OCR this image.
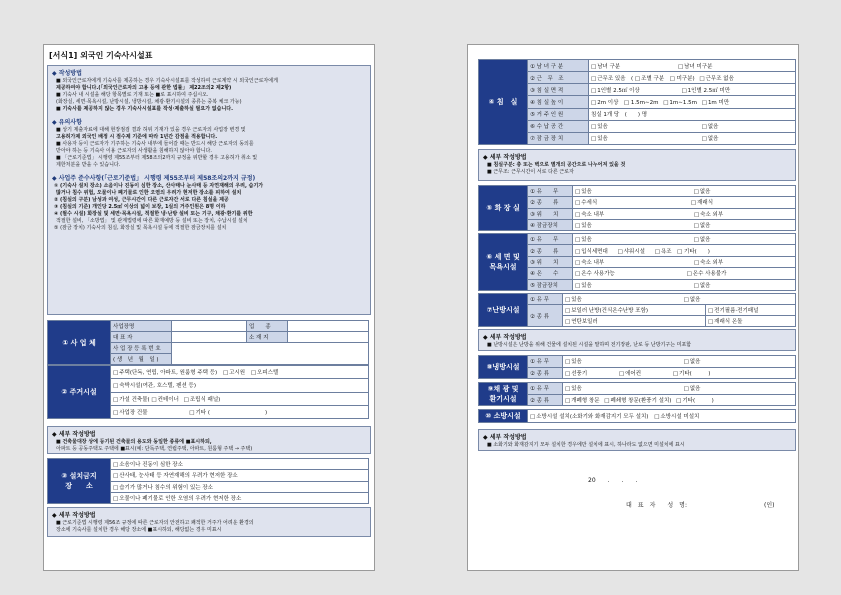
[서식1] 외국인 기숙사시설표
◆ 작성방법
■ 외국인근로자에게 기숙사를 제공하는 경우 기숙사시설표를 작성하여 근로계약 시 외국인근로자에게
제공하여야 합니다.(「외국인근로자의 고용 등에 관한 법률」 제22조의2 제2항)
■ 기숙사 내 시설을 해당 항목별로 기재 또는 ■로 표시하여 주십시오.
(화장실, 세면·목욕시설, 난방시설, 냉방시설, 채광·환기시설의 종류는 중복 체크 가능)
■ 기숙사를 제공하지 않는 경우 기숙사시설표를 작성·제출하실 필요가 없습니다.
◆ 유의사항
■ 상기 제출자료에 대해 현장점검 결과 허위 기재가 있을 경우 근로자의 사업장 변경 및
고용허가제 외국인 배정 시 점수제 기준에 따라 1년간 감점을 적용합니다.
■ 사용자 등이 근로자가 기주하는 기숙사 내부에 들어갈 때는 반드시 해당 근로자의 동의를
받아야 하는 등 기숙사 이용 근로자의 사생활을 침해하지 않아야 합니다.
■ 「근로기준법」 시행령 제55조부터 제58조의2까지 규정을 위반할 경우 고용허가 취소 및
제한처분을 받을 수 있습니다.
◆ 사업주 준수사항(「근로기준법」 시행령 제55조부터 제58조의2까지 규정)
① (기숙사 설치 장소) 소음이나 진동이 심한 장소, 산사태나 눈사태 등 자연재해의 우려, 습기가
많거나 침수 위험, 오물이나 폐기물로 인한 오염의 우려가 현저한 장소를 피하여 설치
② (침실의 구분) 남성과 여성, 근무시간이 다른 근로자간 서로 다른 침실을 제공
③ (침실의 기준) 개인당 2.5㎡ 이상의 넓이 보장, 1실의 거주인원은 8명 이하
④ (필수 시설) 화장실 및 세면·목욕시설, 적절한 냉·난방 설비 또는 기구, 채광·환기를 위한
적절한 설비, 「소방법」 및 관계법령에 따른 화재예방 등 설비 또는 장치, 수납시설 설치
⑤ (잠금 장치) 기숙사의 침실, 화장실 및 목욕시설 등에 적절한 잠금장치를 설치
① 사 업 체	사업장명		업　　종	
	대 표 자		소 재 지	
	사 업 장 등 록 번 호			
	( 생　년　월　일 )			
② 주거시설	□ 주택(단독, 연립, 아파트, 원룸형 주택 등) □ 고시원 □ 오피스텔
□ 숙박시설(여관, 호스텔, 펜션 등)
□ 가설 건축물( □ 컨테이너 □ 조립식 패널)
□ 사업장 건물	□ 기타 (　　　　　　　　　　)
◆ 세부 작성방법
■ 건축물대장 상에 등기된 건축물의 용도와 동일한 종류에 ■표시하되,
아파트 등 공동주택도 주택에 ■표시(예: 단독주택, 연립주택, 아파트, 원룸형 주택 → 주택)
③ 설치금지
장　　소
	□ 소음이나 진동이 심한 장소
□ 산사태, 눈사태 등 자연재해의 우려가 현저한 장소
□ 습기가 많거나 침수의 위험이 있는 장소
□ 오물이나 폐기물로 인한 오염의 우려가 현저한 장소
◆ 세부 작성방법
■ 근로기준법 시행령 제56조 규정에 따른 근로자의 안전하고 쾌적한 거주가 어려운 환경의
장소에 기숙사를 설치한 경우 해당 장소에 ■표시하되, 해당없는 경우 미표시
④ 침　실	① 남 녀 구 분	□ 남녀 구분 □ 남녀 미구분
	② 근　무　조	□ 근무조 있음　( □ 조별 구분　□ 미구분) □ 근무조 없음
	③ 침 실 면 적	□ 1인별 2.5㎡ 이상 □ 1인별 2.5㎡ 미만
	④ 침 실 높 이	□ 2m 이상　□ 1.5m∼2m □ 1m∼1.5m □ 1m 미만
	⑤ 거 주 인 원	침실 1개 당　(　　) 명
	⑥ 수 납 공 간	□ 있음 □ 없음
	⑦ 잠 금 장 치	□ 있음 □ 없음
◆ 세부 작성방법
■ 침실구분: 층 또는 벽으로 별개의 공간으로 나누어져 있을 것
■ 근무조: 근무시간이 서로 다른 근로자
⑤ 화 장 실	① 유　　무	□ 있음 □ 없음
	② 종　　류	□ 수세식 □ 재래식
	③ 위　　치	□ 숙소 내부 □ 숙소 외부
	④ 잠금장치	□ 있음 □ 없음
⑥ 세 면 및
목욕시설	① 유　　무	□ 있음 □ 없음
	② 종　　류	□ 입식세면대 □ 샤워시설 □ 욕조　□ 기타(　　)
	③ 위　　치	□ 숙소 내부 □ 숙소 외부
	④ 온　　수	□ 온수 사용가능 □ 온수 사용불가
	⑤ 잠금장치	□ 있음 □ 없음
⑦난방시설	① 유 무	□ 있음 □ 없음
	② 종 류	□ 보일러 난방(건식온수난방 포함)	□ 전기필름·전기패널
		□ 연탄보일러	□ 재래식 온돌
◆ 세부 작성방법
■ 난방시설은 난방을 위해 건물에 설치된 시설을 말하며 전기장판, 난로 등 난방기구는 미포함
⑧냉방시설	① 유 무	□ 있음 □ 없음
	② 종 류	□ 선풍기 □ 에어컨 □ 기타(　　　)
⑨채 광 및
환기시설	① 유 무	□ 있음 □ 없음
	② 종 류	□ 개폐형 창문 □ 폐쇄형 창문(환풍기 설치) □ 기타(　　　)
⑩ 소방시설	□소방시설 설치(소화기와 화재감지기 모두 설치) □ 소방시설 미설치
◆ 세부 작성방법
■ 소화기와 화재감지기 모두 설치한 경우에만 설치에 표시, 하나라도 없으면 미설치에 표시
20　　.　　.　　.
대　표　자　　성　명:	(인)
